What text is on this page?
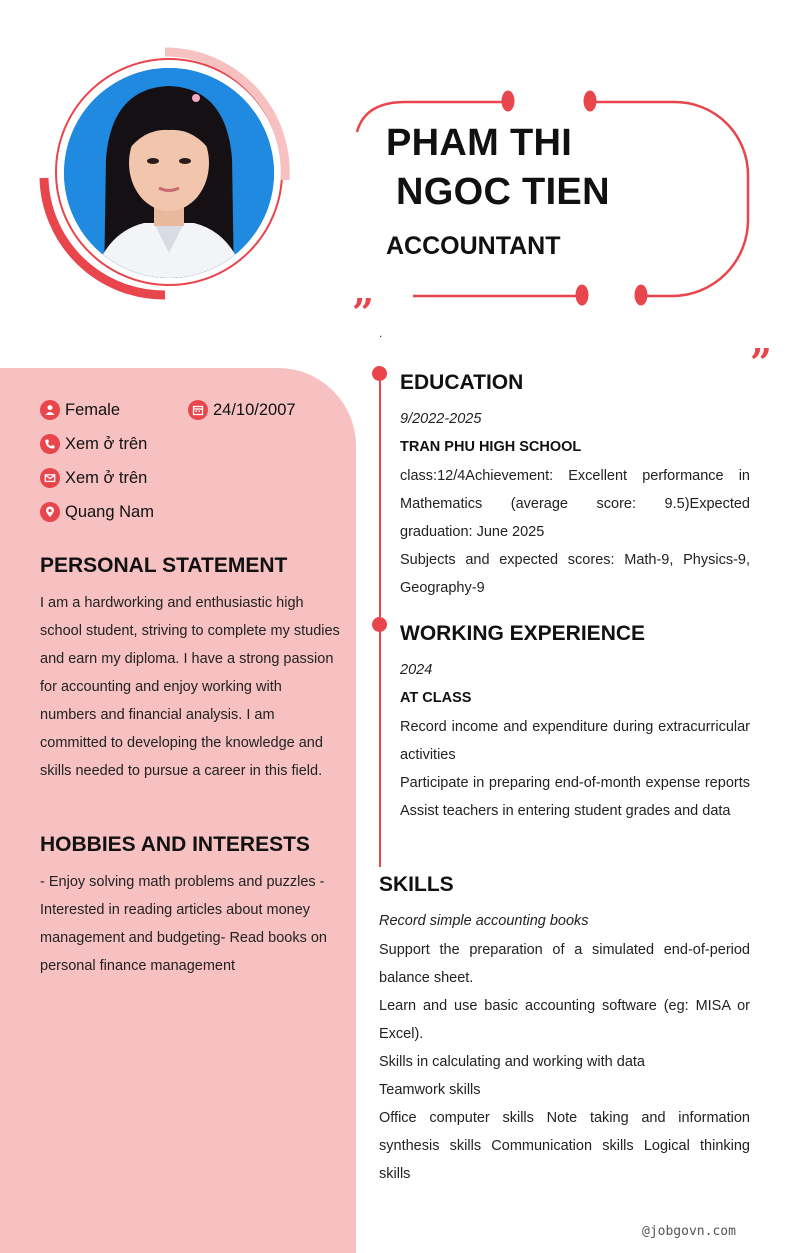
PHAM THI
NGOC TIEN
ACCOUNTANT
”
”
.
Female	24/10/2007
Xem ở trên
Xem ở trên
Quang Nam
PERSONAL STATEMENT
I am a hardworking and enthusiastic high school student, striving to complete my studies and earn my diploma. I have a strong passion for accounting and enjoy working with numbers and financial analysis. I am committed to developing the knowledge and skills needed to pursue a career in this field.
HOBBIES AND INTERESTS
- Enjoy solving math problems and puzzles - Interested in reading articles about money management and budgeting- Read books on personal finance management
EDUCATION
9/2022-2025
TRAN PHU HIGH SCHOOL

class:12/4Achievement: Excellent performance in Mathematics (average score: 9.5)Expected graduation: June 2025

Subjects and expected scores: Math-9, Physics-9, Geography-9

WORKING EXPERIENCE
2024
AT CLASS

Record income and expenditure during extracurricular activities

Participate in preparing end-of-month expense reports Assist teachers in entering student grades and data

SKILLS
Record simple accounting books

Support the preparation of a simulated end-of-period balance sheet.

Learn and use basic accounting software (eg: MISA or Excel).

Skills in calculating and working with data

Teamwork skills

Office computer skills Note taking and information synthesis skills Communication skills Logical thinking skills

@jobgovn.com
